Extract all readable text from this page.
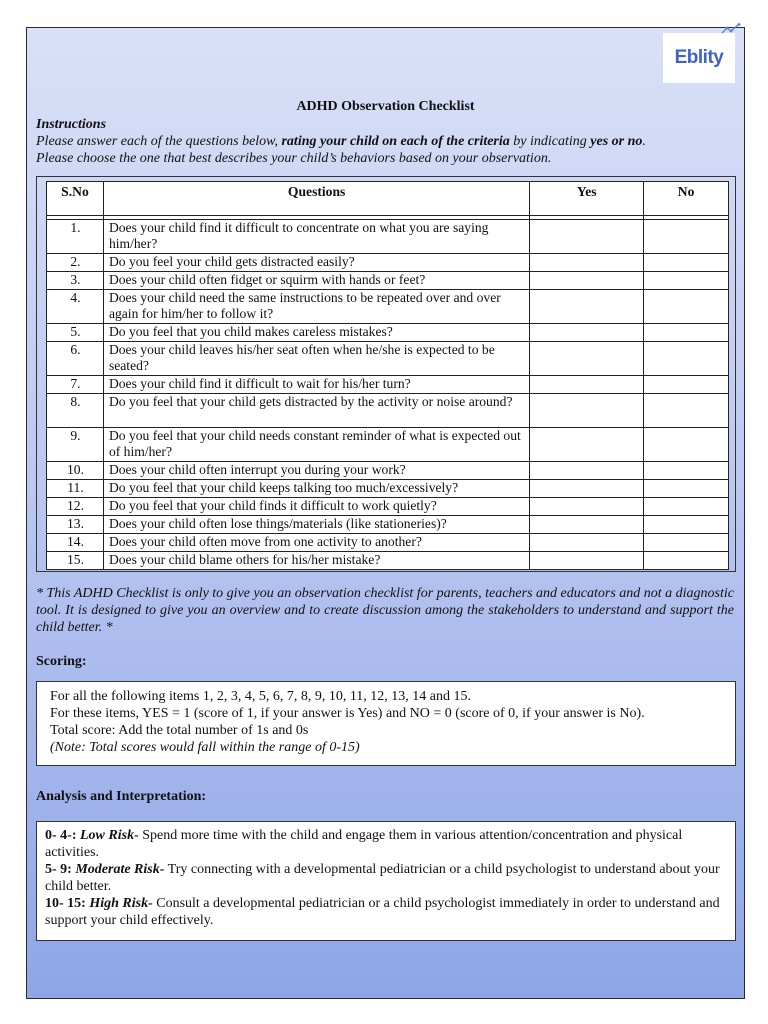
Eblity
ADHD Observation Checklist
Instructions
Please answer each of the questions below, rating your child on each of the criteria by indicating yes or no.
Please choose the one that best describes your child’s behaviors based on your observation.
S.No	Questions	Yes	No

1.	Does your child find it difficult to concentrate on what you are saying him/her?		
2.	Do you feel your child gets distracted easily?		
3.	Does your child often fidget or squirm with hands or feet?		
4.	Does your child need the same instructions to be repeated over and over again for him/her to follow it?		
5.	Do you feel that you child makes careless mistakes?		
6.	Does your child leaves his/her seat often when he/she is expected to be seated?		
7.	Does your child find it difficult to wait for his/her turn?		
8.	Do you feel that your child gets distracted by the activity or noise around?		
9.	Do you feel that your child needs constant reminder of what is expected out of him/her?		
10.	Does your child often interrupt you during your work?		
11.	Do you feel that your child keeps talking too much/excessively?		
12.	Do you feel that your child finds it difficult to work quietly?		
13.	Does your child often lose things/materials (like stationeries)?		
14.	Does your child often move from one activity to another?		
15.	Does your child blame others for his/her mistake?		
* This ADHD Checklist is only to give you an observation checklist for parents, teachers and educators and not a diagnostic tool. It is designed to give you an overview and to create discussion among the stakeholders to understand and support the child better. *
Scoring:
For all the following items 1, 2, 3, 4, 5, 6, 7, 8, 9, 10, 11, 12, 13, 14 and 15.
For these items, YES = 1 (score of 1, if your answer is Yes) and NO = 0 (score of 0, if your answer is No).
Total score: Add the total number of 1s and 0s
(Note: Total scores would fall within the range of 0-15)
Analysis and Interpretation:
0- 4-: Low Risk- Spend more time with the child and engage them in various attention/concentration and physical activities.
5- 9: Moderate Risk- Try connecting with a developmental pediatrician or a child psychologist to understand about your child better.
10- 15: High Risk- Consult a developmental pediatrician or a child psychologist immediately in order to understand and support your child effectively.
